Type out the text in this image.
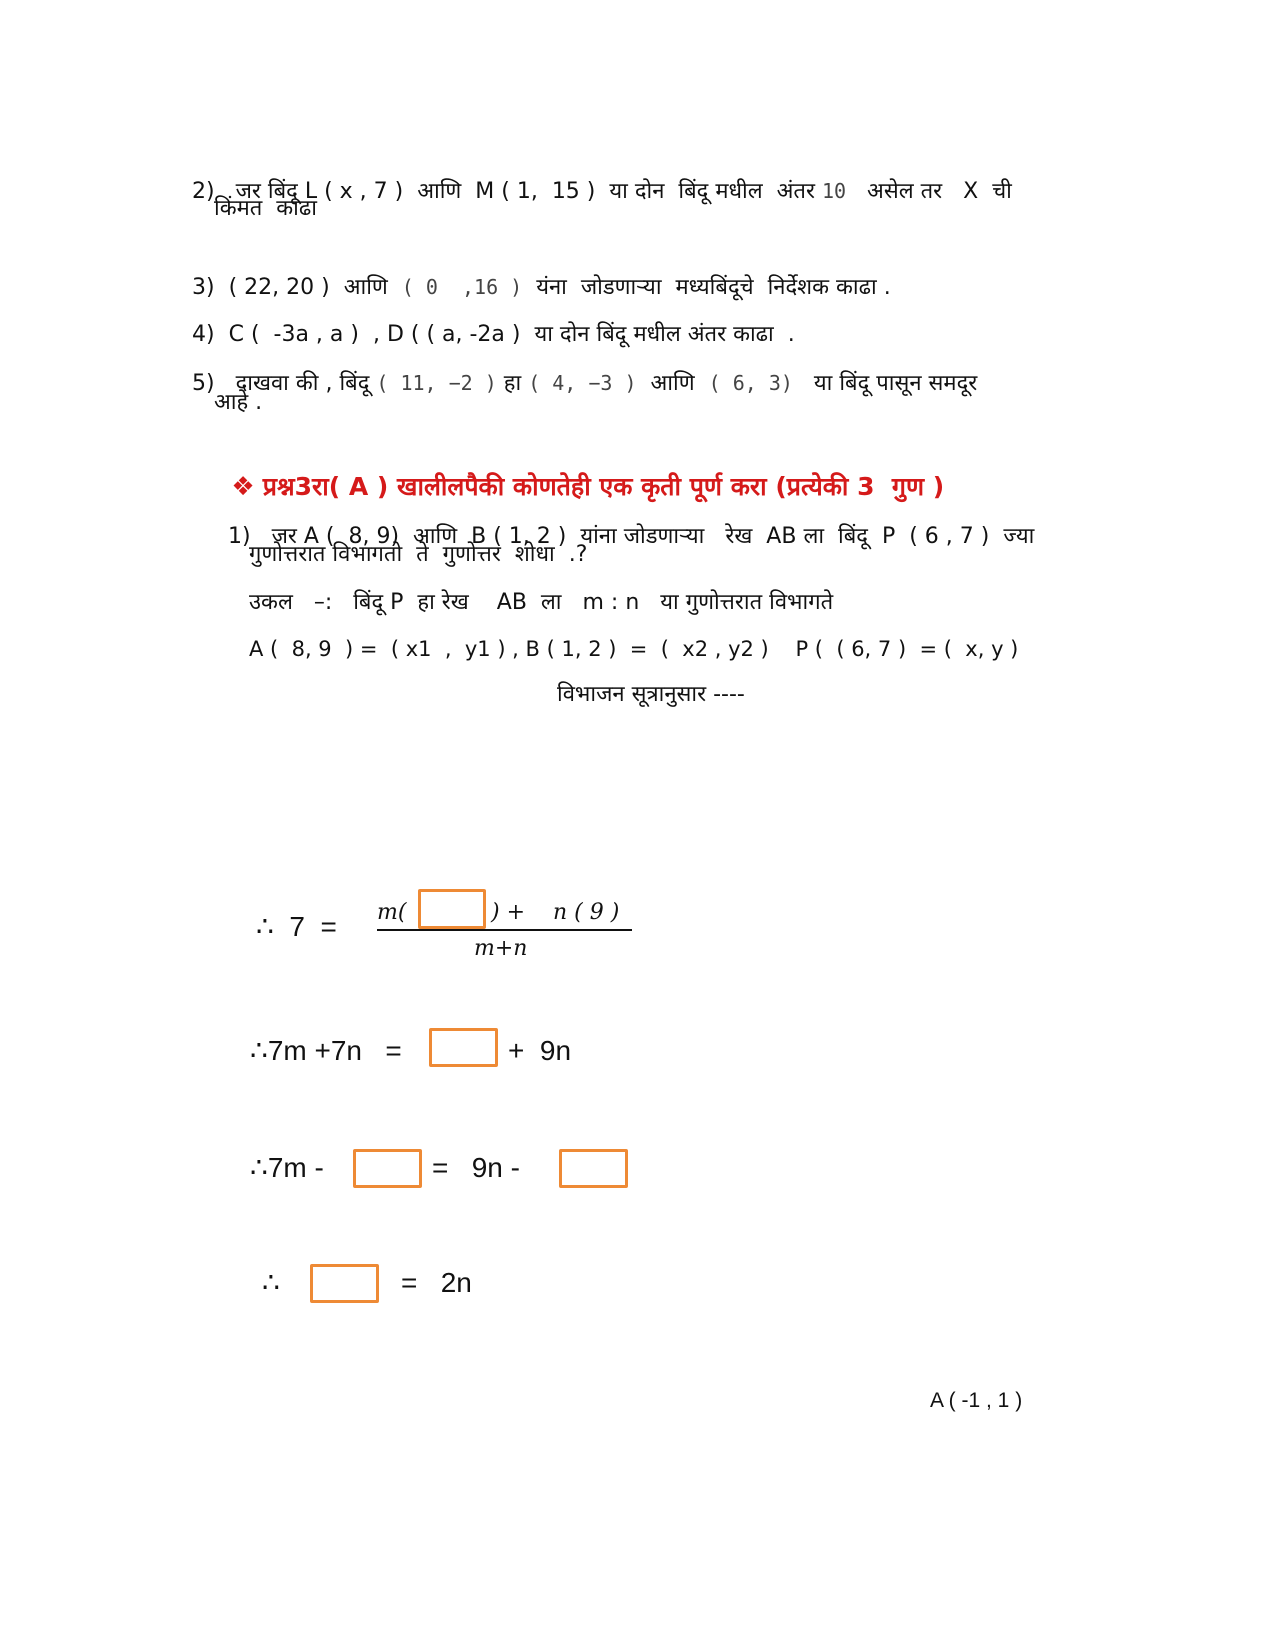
2) जर बिंदू L ( x , 7 )  आणि  M ( 1,  15 )  या दोन  बिंदू मधील  अंतर 10   असेल तर   X  ची

किंमत  काढा

3) ( 22, 20 )  आणि  ( 0  ,16 )  यंना  जोडणाऱ्या  मध्यबिंदूचे  निर्देशक काढा .

4) C (  -3a , a )  , D ( ( a, -2a )  या दोन बिंदू मधील अंतर काढा  .

5) दाखवा की , बिंदू ( 11, −2 ) हा ( 4, −3 )  आणि  ( 6, 3)   या बिंदू पासून समदूर

आहे .

❖ प्रश्न3रा( A ) खालीलपैकी कोणतेही एक कृती पूर्ण करा (प्रत्येकी 3  गुण )

1) जर A (  8, 9)  आणि  B ( 1, 2 )  यांना जोडणाऱ्या   रेख  AB ला  बिंदू  P  ( 6 , 7 )  ज्या

गुणोत्तरात विभागतो  ते  गुणोत्तर  शोधा  .?
उकल   –:   बिंदू P  हा रेख    AB  ला   m : n   या गुणोत्तरात विभागते
A (  8, 9  ) =  ( x1  ,  y1 ) , B ( 1, 2 )  =  (  x2 , y2 )    P (  ( 6, 7 )  = (  x, y )
विभाजन सूत्रानुसार ----
∴  7  = m(	) +    n ( 9 )
m+n
∴7m +7n   =	+  9n
∴7m -	=   9n -
∴	=   2n
A ( -1 , 1 )
